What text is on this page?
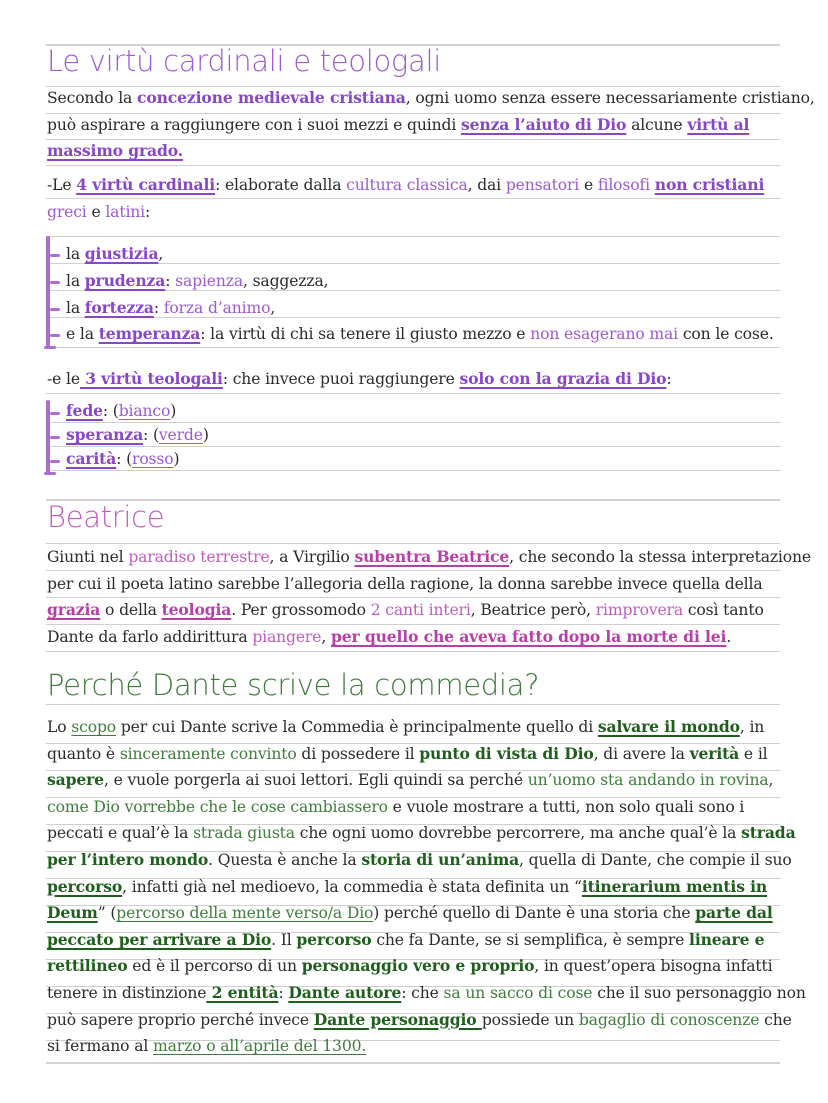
Le virtù cardinali e teologali
Secondo la concezione medievale cristiana, ogni uomo senza essere necessariamente cristiano,
può aspirare a raggiungere con i suoi mezzi e quindi senza l’aiuto di Dio alcune virtù al
massimo grado.
-Le 4 virtù cardinali: elaborate dalla cultura classica, dai pensatori e filosofi non cristiani
greci e latini:
la giustizia,
la prudenza: sapienza, saggezza,
la fortezza: forza d’animo,
e la temperanza: la virtù di chi sa tenere il giusto mezzo e non esagerano mai con le cose.
-e le 3 virtù teologali: che invece puoi raggiungere solo con la grazia di Dio:
fede: (bianco)
speranza: (verde)
carità: (rosso)
Beatrice
Giunti nel paradiso terrestre, a Virgilio subentra Beatrice, che secondo la stessa interpretazione
per cui il poeta latino sarebbe l’allegoria della ragione, la donna sarebbe invece quella della
grazia o della teologia. Per grossomodo 2 canti interi, Beatrice però, rimprovera così tanto
Dante da farlo addirittura piangere, per quello che aveva fatto dopo la morte di lei.
Perché Dante scrive la commedia?
Lo scopo per cui Dante scrive la Commedia è principalmente quello di salvare il mondo, in
quanto è sinceramente convinto di possedere il punto di vista di Dio, di avere la verità e il
sapere, e vuole porgerla ai suoi lettori. Egli quindi sa perché un’uomo sta andando in rovina,
come Dio vorrebbe che le cose cambiassero e vuole mostrare a tutti, non solo quali sono i
peccati e qual’è la strada giusta che ogni uomo dovrebbe percorrere, ma anche qual’è la strada
per l’intero mondo. Questa è anche la storia di un’anima, quella di Dante, che compie il suo
percorso, infatti già nel medioevo, la commedia è stata definita un “itinerarium mentis in
Deum” (percorso della mente verso/a Dio) perché quello di Dante è una storia che parte dal
peccato per arrivare a Dio. Il percorso che fa Dante, se si semplifica, è sempre lineare e
rettilineo ed è il percorso di un personaggio vero e proprio, in quest’opera bisogna infatti
tenere in distinzione 2 entità: Dante autore: che sa un sacco di cose che il suo personaggio non
può sapere proprio perché invece Dante personaggio possiede un bagaglio di conoscenze che
si fermano al marzo o all’aprile del 1300.
